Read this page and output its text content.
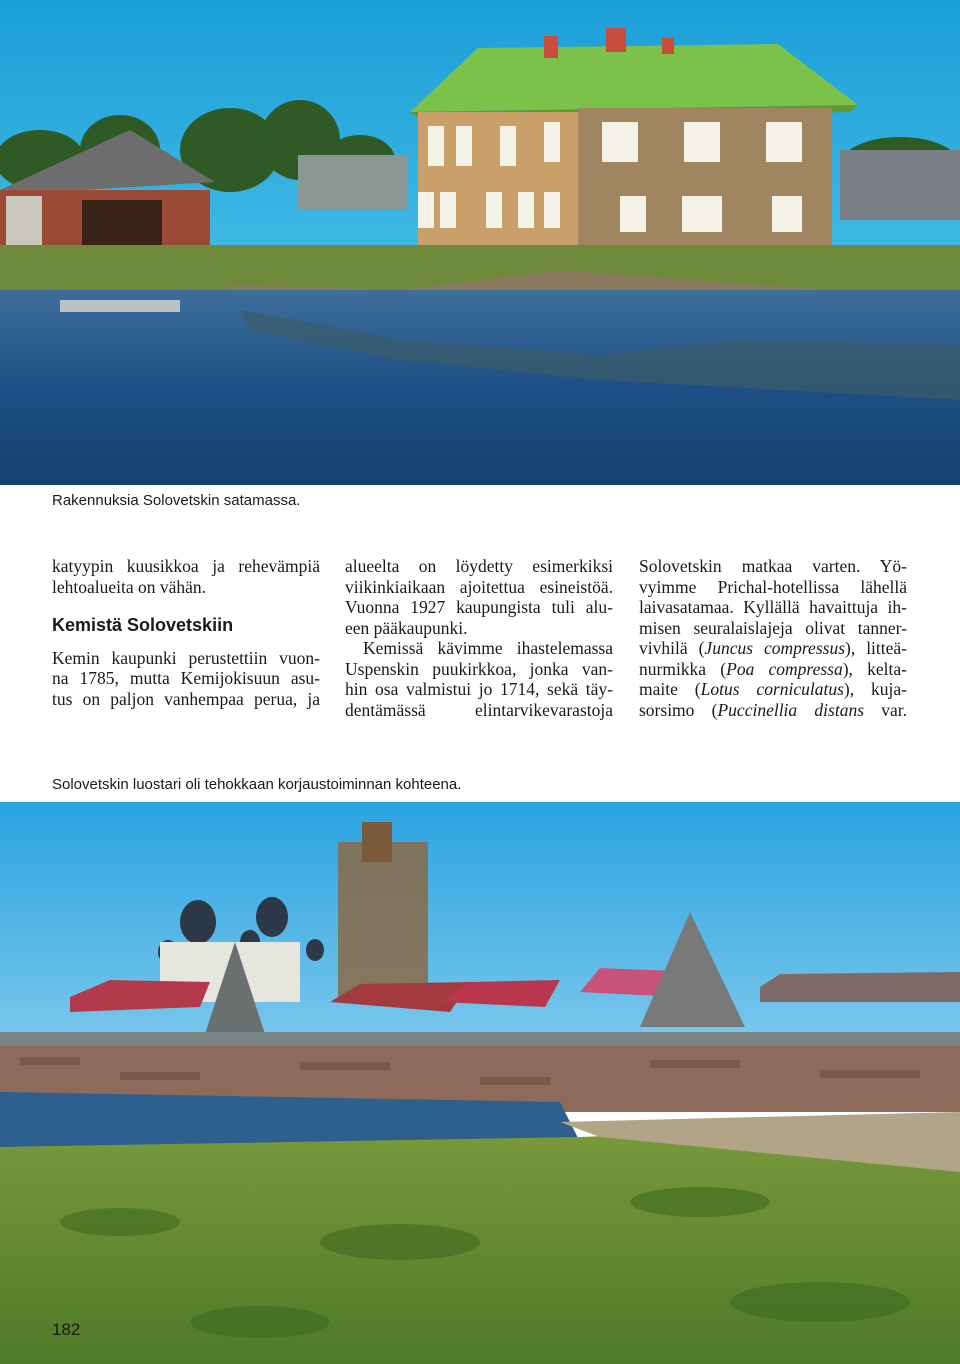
Rakennuksia Solovetskin satamassa.

katyypin kuusikkoa ja rehevämpiä
lehtoalueita on vähän.

Kemistä Solovetskiin

Kemin kaupunki perustettiin vuon-
na 1785, mutta Kemijokisuun asu-
tus on paljon vanhempaa perua, ja

alueelta on löydetty esimerkiksi
viikinkiaikaan ajoitettua esineistöä.
Vuonna 1927 kaupungista tuli alu-
een pääkaupunki.

Kemissä kävimme ihastelemassa
Uspenskin puukirkkoa, jonka van-
hin osa valmistui jo 1714, sekä täy-
dentämässä elintarvikevarastoja

Solovetskin matkaa varten. Yö-
vyimme Prichal-hotellissa lähellä
laivasatamaa. Kyllällä havaittuja ih-
misen seuralaislajeja olivat tanner-
vivhilä (Juncus compressus), litteä-
nurmikka (Poa compressa), kelta-
maite (Lotus corniculatus), kuja-
sorsimo (Puccinellia distans var.
Solovetskin luostari oli tehokkaan korjaustoiminnan kohteena.
182
